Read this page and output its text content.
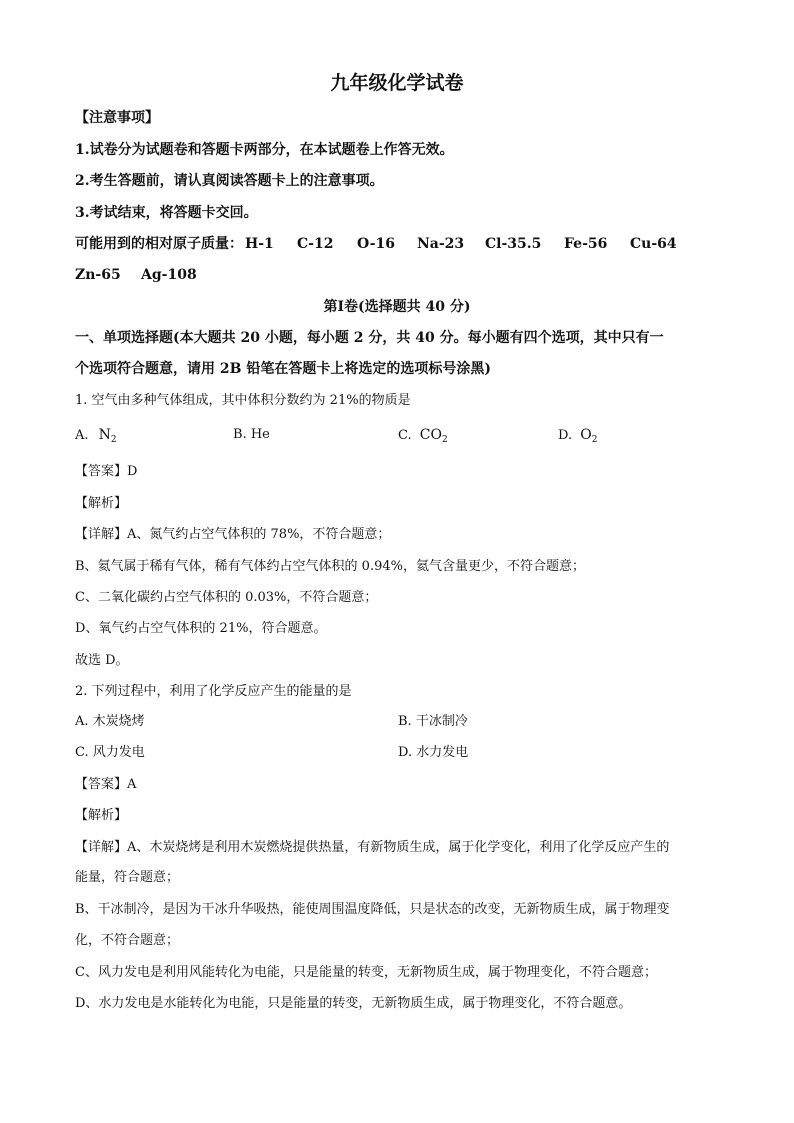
九年级化学试卷
【注意事项】
1.试卷分为试题卷和答题卡两部分，在本试题卷上作答无效。
2.考生答题前，请认真阅读答题卡上的注意事项。
3.考试结束，将答题卡交回。
可能用到的相对原子质量： H-1 C-12 O-16 Na-23 Cl-35.5 Fe-56 Cu-64
Zn-65 Ag-108
第Ⅰ卷(选择题共 40 分)
一、单项选择题(本大题共 20 小题，每小题 2 分，共 40 分。每小题有四个选项，其中只有一
个选项符合题意，请用 2B 铅笔在答题卡上将选定的选项标号涂黑)
1. 空气由多种气体组成，其中体积分数约为 21%的物质是
A. $N_2$	B. He	C. $CO_2$	D. $O_2$
【答案】D
【解析】
【详解】A、氮气约占空气体积的 78%，不符合题意；
B、氦气属于稀有气体，稀有气体约占空气体积的 0.94%，氦气含量更少，不符合题意；
C、二氧化碳约占空气体积的 0.03%，不符合题意；
D、氧气约占空气体积的 21%，符合题意。
故选 D。
2. 下列过程中，利用了化学反应产生的能量的是
A. 木炭烧烤	B. 干冰制冷
C. 风力发电	D. 水力发电
【答案】A
【解析】
【详解】A、木炭烧烤是利用木炭燃烧提供热量，有新物质生成，属于化学变化，利用了化学反应产生的
能量，符合题意；
B、干冰制冷，是因为干冰升华吸热，能使周围温度降低，只是状态的改变，无新物质生成，属于物理变
化，不符合题意；
C、风力发电是利用风能转化为电能，只是能量的转变，无新物质生成，属于物理变化，不符合题意；
D、水力发电是水能转化为电能，只是能量的转变，无新物质生成，属于物理变化，不符合题意。
